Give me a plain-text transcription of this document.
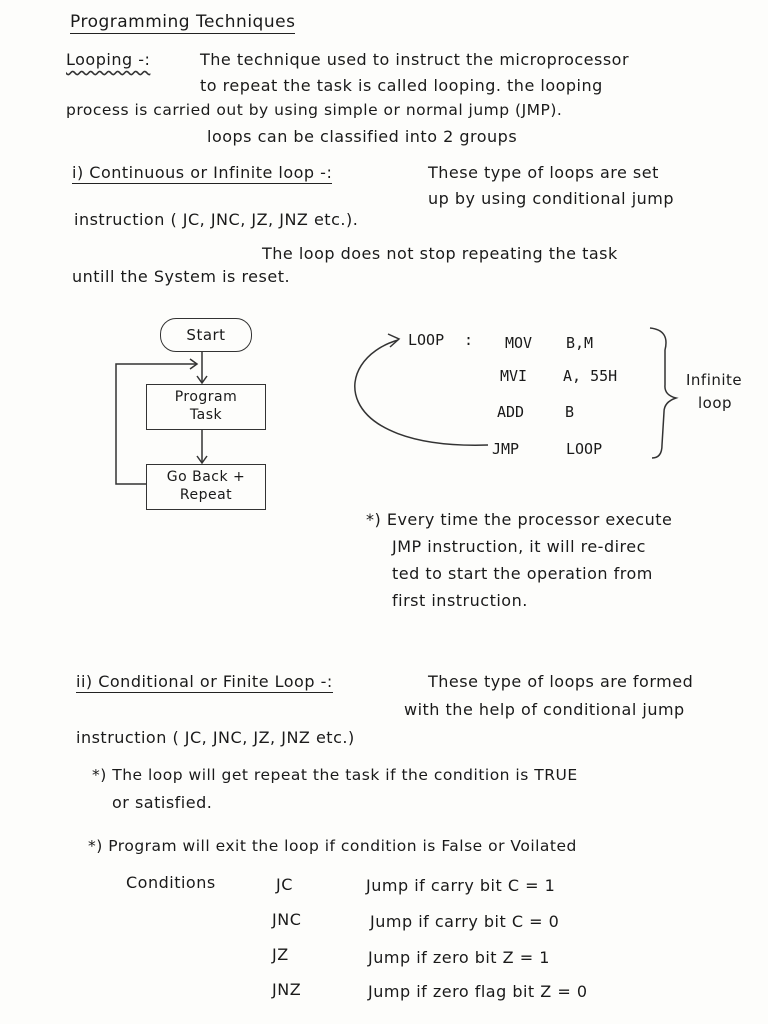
Programming Techniques
Looping -:	The technique used to instruct the microprocessor
to repeat the task is called looping. the looping
process is carried out by using simple or normal jump (JMP).
loops can be classified into 2 groups
i) Continuous or Infinite loop -:	These type of loops are set
up by using conditional jump
instruction ( JC, JNC, JZ, JNZ etc.).
The loop does not stop repeating the task
untill the System is reset.
Start
Program
Task
Go Back +
Repeat
LOOP : MOV B,M
MVI A, 55H
ADD	B
JMP	LOOP
Infinite
loop
*) Every time the processor execute
JMP instruction, it will re-direc
ted to start the operation from
first instruction.
ii) Conditional or Finite Loop -:	These type of loops are formed
with the help of conditional jump
instruction ( JC, JNC, JZ, JNZ etc.)
*) The loop will get repeat the task if the condition is TRUE
or satisfied.
*) Program will exit the loop if condition is False or Voilated
Conditions	JC	Jump if carry bit C = 1
JNC	Jump if carry bit C = 0
JZ	Jump if zero bit Z = 1
JNZ	Jump if zero flag bit Z = 0
